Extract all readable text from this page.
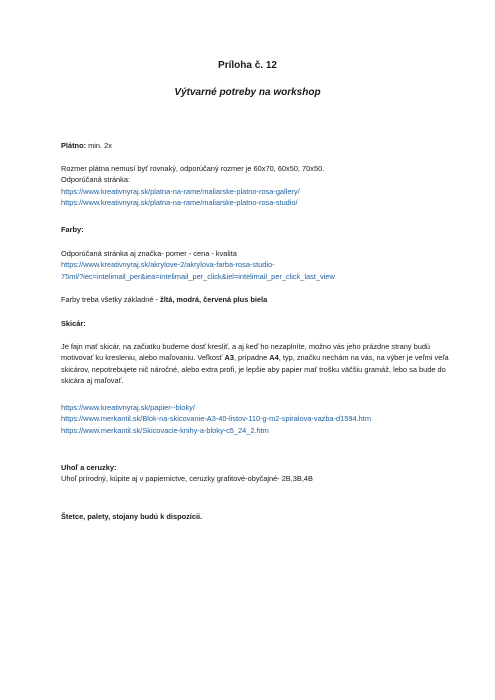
Príloha č. 12
Výtvarné potreby na workshop

Plátno: min. 2x

Rozmer plátna nemusí byť rovnaký, odporúčaný rozmer je 60x70, 60x50, 70x50.

Odporúčaná stránka:

https://www.kreativnyraj.sk/platna-na-rame/maliarske-platno-rosa-gallery/

https://www.kreativnyraj.sk/platna-na-rame/maliarske-platno-rosa-studio/

Farby:

Odporúčaná stránka aj značka- pomer - cena - kvalita

https://www.kreativnyraj.sk/akrylove-2/akrylova-farba-rosa-studio-

75ml/?iec=intelimail_per&iea=intelimail_per_click&iel=intelimail_per_click_last_view

Farby treba všetky základné - žltá, modrá, červená plus biela

Skicár:

Je fajn mať skicár, na začiatku budeme dosť kresliť, a aj keď ho nezaplníte, možno vás jeho prázdne strany budú motivovať ku kresleniu, alebo maľovaniu. Veľkosť A3, prípadne A4, typ, značku nechám na vás, na výber je veľmi veľa skicárov, nepotrebujete nič náročné, alebo extra profi, je lepšie aby papier mať trošku väčšiu gramáž, lebo sa bude do skicára aj maľovať.

https://www.kreativnyraj.sk/papier--bloky/

https://www.merkantil.sk/Blok-na-skicovanie-A3-40-listov-110-g-m2-spiralova-vazba-d1594.htm

https://www.merkantil.sk/Skicovacie-knihy-a-bloky-c5_24_2.htm

Uhoľ a ceruzky:

Uhoľ prírodný, kúpite aj v papiernictve, ceruzky grafitové-obyčajné- 2B,3B,4B

Štetce, palety, stojany budú k dispozícii.
